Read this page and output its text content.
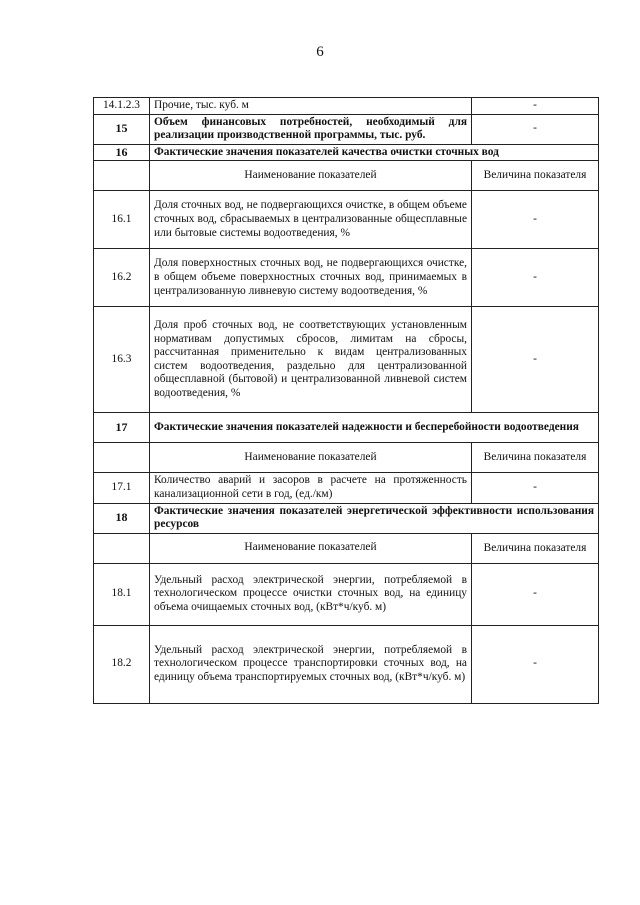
6
14.1.2.3	Прочие, тыс. куб. м	-
15	Объем финансовых потребностей, необходимый для реализации производственной программы, тыс. руб.	-
16	Фактические значения показателей качества очистки сточных вод	
	Наименование показателей	Величина показателя
16.1	Доля сточных вод, не подвергающихся очистке, в общем объеме сточных вод, сбрасываемых в централизованные общесплавные или бытовые системы водоотведения, %	-
16.2	Доля поверхностных сточных вод, не подвергающихся очистке, в общем объеме поверхностных сточных вод, принимаемых в централизованную ливневую систему водоотведения, %	-
16.3	Доля проб сточных вод, не соответствующих установленным нормативам допустимых сбросов, лимитам на сбросы, рассчитанная применительно к видам централизованных систем водоотведения, раздельно для централизованной общесплавной (бытовой) и централизованной ливневой систем водоотведения, %	-
17	Фактические значения показателей надежности и бесперебойности водоотведения	
	Наименование показателей	Величина показателя
17.1	Количество аварий и засоров в расчете на протяженность канализационной сети в год, (ед./км)	-
18	Фактические значения показателей энергетической эффективности использования ресурсов	
	Наименование показателей	Величина показателя
18.1	Удельный расход электрической энергии, потребляемой в технологическом процессе очистки сточных вод, на единицу объема очищаемых сточных вод, (кВт*ч/куб. м)	-
18.2	Удельный расход электрической энергии, потребляемой в технологическом процессе транспортировки сточных вод, на единицу объема транспортируемых сточных вод, (кВт*ч/куб. м)	-
